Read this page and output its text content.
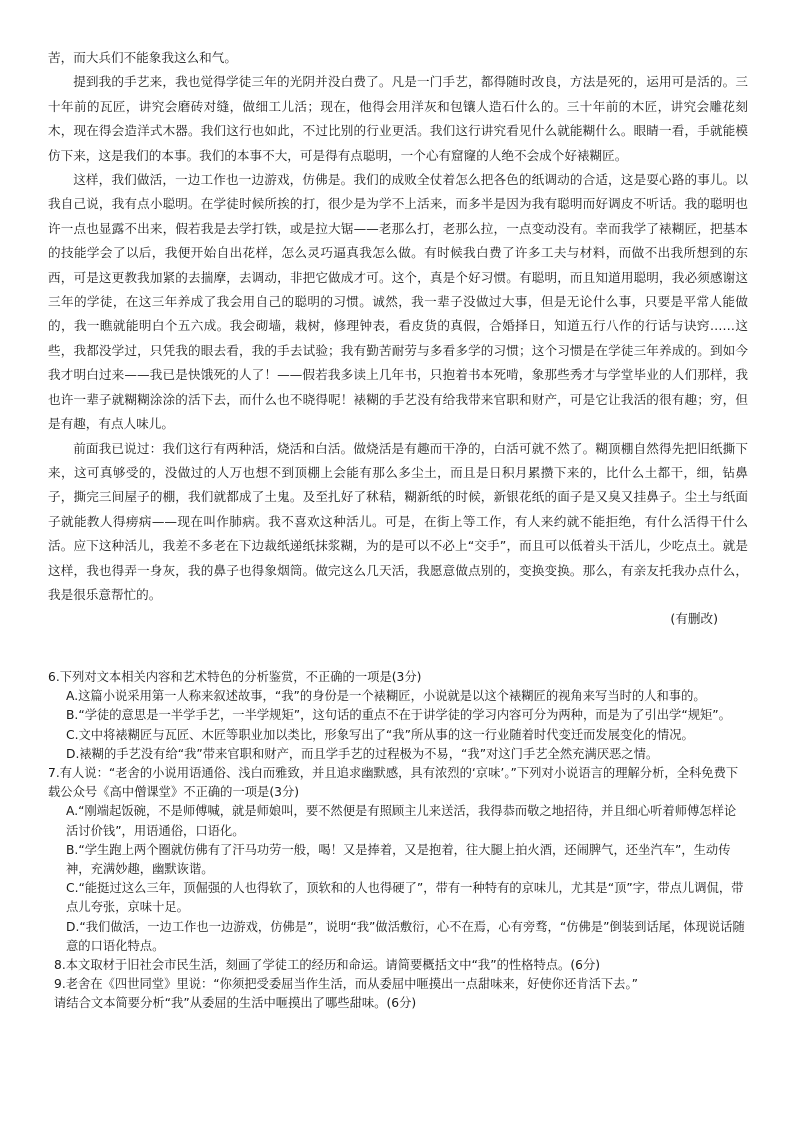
苦，而大兵们不能象我这么和气。

提到我的手艺来，我也觉得学徒三年的光阴并没白费了。凡是一门手艺，都得随时改良，方法是死的，运用可是活的。三十年前的瓦匠，讲究会磨砖对缝，做细工儿活；现在，他得会用洋灰和包镶人造石什么的。三十年前的木匠，讲究会雕花刻木，现在得会造洋式木器。我们这行也如此，不过比别的行业更活。我们这行讲究看见什么就能糊什么。眼睛一看，手就能模仿下来，这是我们的本事。我们的本事不大，可是得有点聪明，一个心有窟窿的人绝不会成个好裱糊匠。

这样，我们做活，一边工作也一边游戏，仿佛是。我们的成败全仗着怎么把各色的纸调动的合适，这是耍心路的事儿。以我自己说，我有点小聪明。在学徒时候所挨的打，很少是为学不上活来，而多半是因为我有聪明而好调皮不听话。我的聪明也许一点也显露不出来，假若我是去学打铁，或是拉大锯——老那么打，老那么拉，一点变动没有。幸而我学了裱糊匠，把基本的技能学会了以后，我便开始自出花样，怎么灵巧逼真我怎么做。有时候我白费了许多工夫与材料，而做不出我所想到的东西，可是这更教我加紧的去揣摩，去调动，非把它做成才可。这个，真是个好习惯。有聪明，而且知道用聪明，我必须感谢这三年的学徒，在这三年养成了我会用自己的聪明的习惯。诚然，我一辈子没做过大事，但是无论什么事，只要是平常人能做的，我一瞧就能明白个五六成。我会砌墙，栽树，修理钟表，看皮货的真假，合婚择日，知道五行八作的行话与诀窍……这些，我都没学过，只凭我的眼去看，我的手去试验；我有勤苦耐劳与多看多学的习惯；这个习惯是在学徒三年养成的。到如今我才明白过来——我已是快饿死的人了！——假若我多读上几年书，只抱着书本死啃，象那些秀才与学堂毕业的人们那样，我也许一辈子就糊糊涂涂的活下去，而什么也不晓得呢！裱糊的手艺没有给我带来官职和财产，可是它让我活的很有趣；穷，但是有趣，有点人味儿。

前面我已说过：我们这行有两种活，烧活和白活。做烧活是有趣而干净的，白活可就不然了。糊顶棚自然得先把旧纸撕下来，这可真够受的，没做过的人万也想不到顶棚上会能有那么多尘土，而且是日积月累攒下来的，比什么土都干，细，钻鼻子，撕完三间屋子的棚，我们就都成了土鬼。及至扎好了秫秸，糊新纸的时候，新银花纸的面子是又臭又挂鼻子。尘土与纸面子就能教人得痨病——现在叫作肺病。我不喜欢这种活儿。可是，在街上等工作，有人来约就不能拒绝，有什么活得干什么活。应下这种活儿，我差不多老在下边裁纸递纸抹浆糊，为的是可以不必上“交手”，而且可以低着头干活儿，少吃点土。就是这样，我也得弄一身灰，我的鼻子也得象烟筒。做完这么几天活，我愿意做点别的，变换变换。那么，有亲友托我办点什么，我是很乐意帮忙的。

(有删改)

6.下列对文本相关内容和艺术特色的分析鉴赏，不正确的一项是(3分)

A.这篇小说采用第一人称来叙述故事，“我”的身份是一个裱糊匠，小说就是以这个裱糊匠的视角来写当时的人和事的。

B.“学徒的意思是一半学手艺，一半学规矩”，这句话的重点不在于讲学徒的学习内容可分为两种，而是为了引出学“规矩”。

C.文中将裱糊匠与瓦匠、木匠等职业加以类比，形象写出了“我”所从事的这一行业随着时代变迁而发展变化的情况。

D.裱糊的手艺没有给“我”带来官职和财产，而且学手艺的过程极为不易，“我”对这门手艺全然充满厌恶之情。

7.有人说：“老舍的小说用语通俗、浅白而雅致，并且追求幽默感，具有浓烈的‘京味’。”下列对小说语言的理解分析，全科免费下载公众号《高中僧课堂》不正确的一项是(3分)

A.“刚端起饭碗，不是师傅喊，就是师娘叫，要不然便是有照顾主儿来送活，我得恭而敬之地招待，并且细心听着师傅怎样论活讨价钱”，用语通俗，口语化。

B.“学生跑上两个圈就仿佛有了汗马功劳一般，喝！又是捧着，又是抱着，往大腿上拍火酒，还闹脾气，还坐汽车”，生动传神，充满妙趣，幽默诙谐。

C.“能挺过这么三年，顶倔强的人也得软了，顶软和的人也得硬了”，带有一种特有的京味儿，尤其是“顶”字，带点儿调侃，带点儿夸张，京味十足。

D.“我们做活，一边工作也一边游戏，仿佛是”，说明“我”做活敷衍，心不在焉，心有旁骛，“仿佛是”倒装到话尾，体现说话随意的口语化特点。

8.本文取材于旧社会市民生活，刻画了学徒工的经历和命运。请简要概括文中“我”的性格特点。(6分)

9.老舍在《四世同堂》里说：“你须把受委屈当作生活，而从委屈中咂摸出一点甜味来，好使你还肯活下去。”

请结合文本简要分析“我”从委屈的生活中咂摸出了哪些甜味。(6分)
